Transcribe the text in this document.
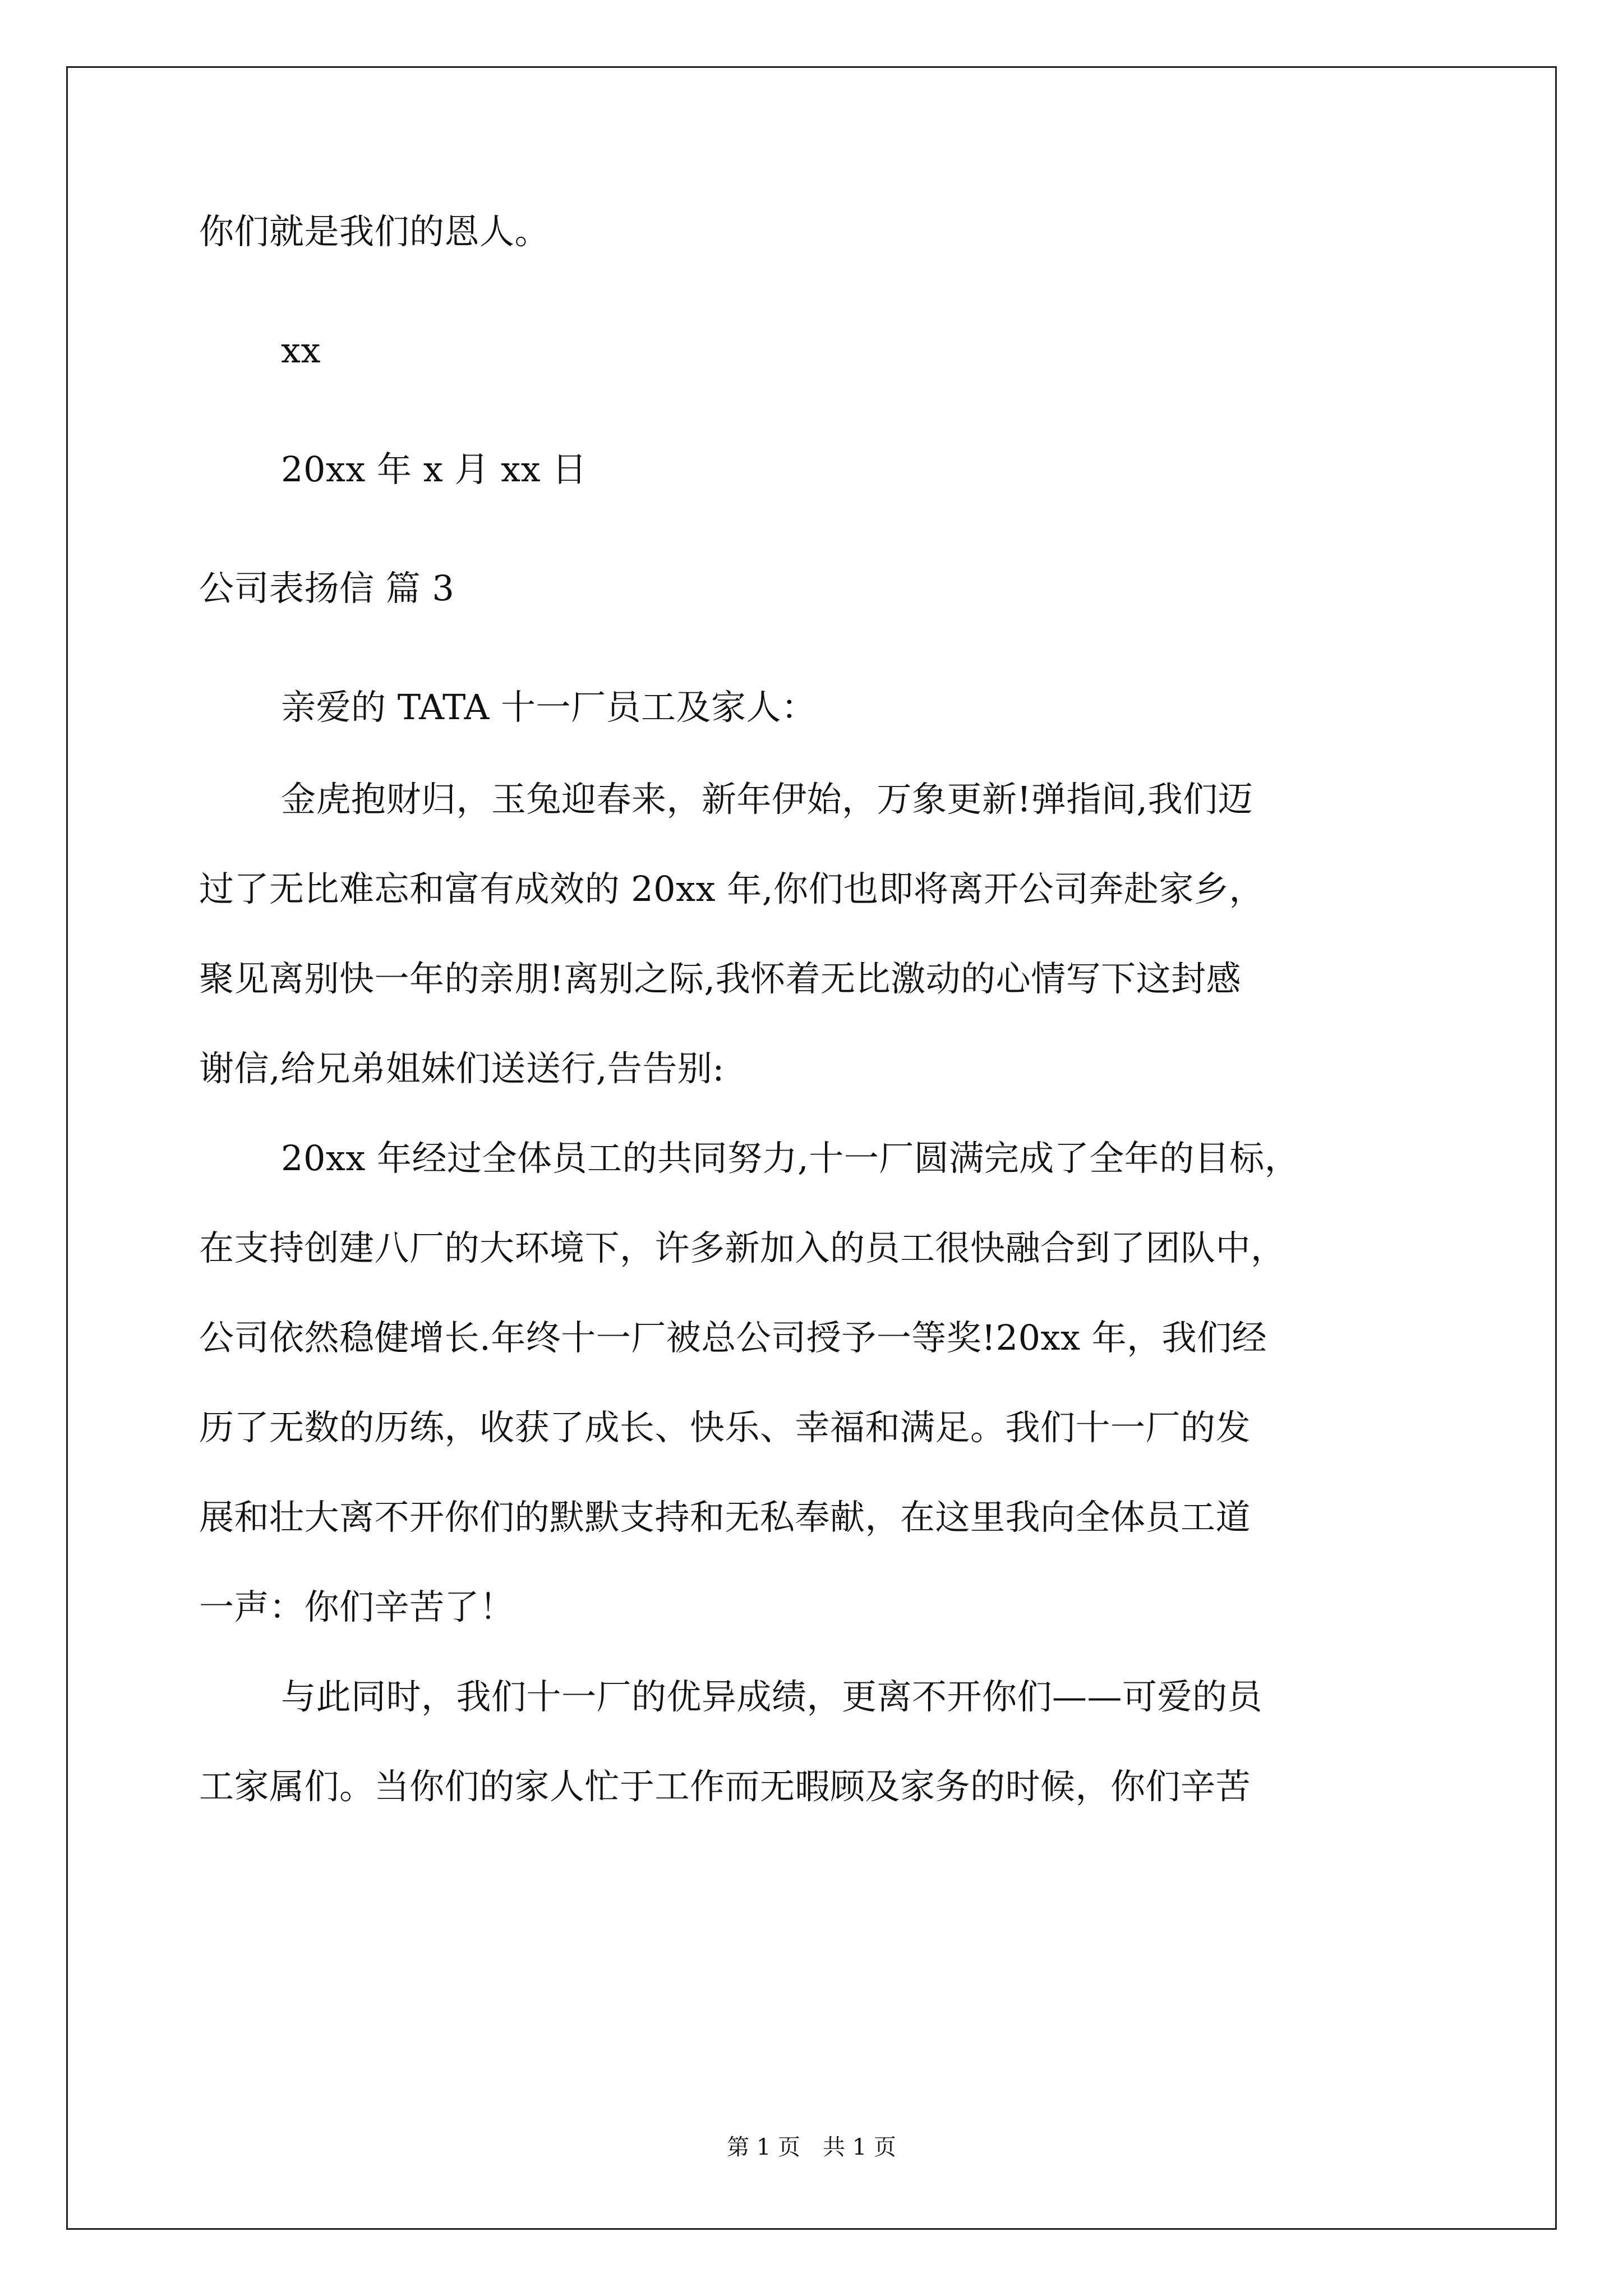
你们就是我们的恩人。
xx
20xx 年 x 月 xx 日
公司表扬信 篇 3
亲爱的 TATA 十一厂员工及家人：
金虎抱财归，玉兔迎春来，新年伊始，万象更新!弹指间,我们迈
过了无比难忘和富有成效的 20xx 年,你们也即将离开公司奔赴家乡，
聚见离别快一年的亲朋!离别之际,我怀着无比激动的心情写下这封感
谢信,给兄弟姐妹们送送行,告告别:
20xx 年经过全体员工的共同努力,十一厂圆满完成了全年的目标，
在支持创建八厂的大环境下，许多新加入的员工很快融合到了团队中，
公司依然稳健增长.年终十一厂被总公司授予一等奖!20xx 年，我们经
历了无数的历练，收获了成长、快乐、幸福和满足。我们十一厂的发
展和壮大离不开你们的默默支持和无私奉献，在这里我向全体员工道
一声：你们辛苦了！
与此同时，我们十一厂的优异成绩，更离不开你们——可爱的员
工家属们。当你们的家人忙于工作而无暇顾及家务的时候，你们辛苦
第 1 页　共 1 页
